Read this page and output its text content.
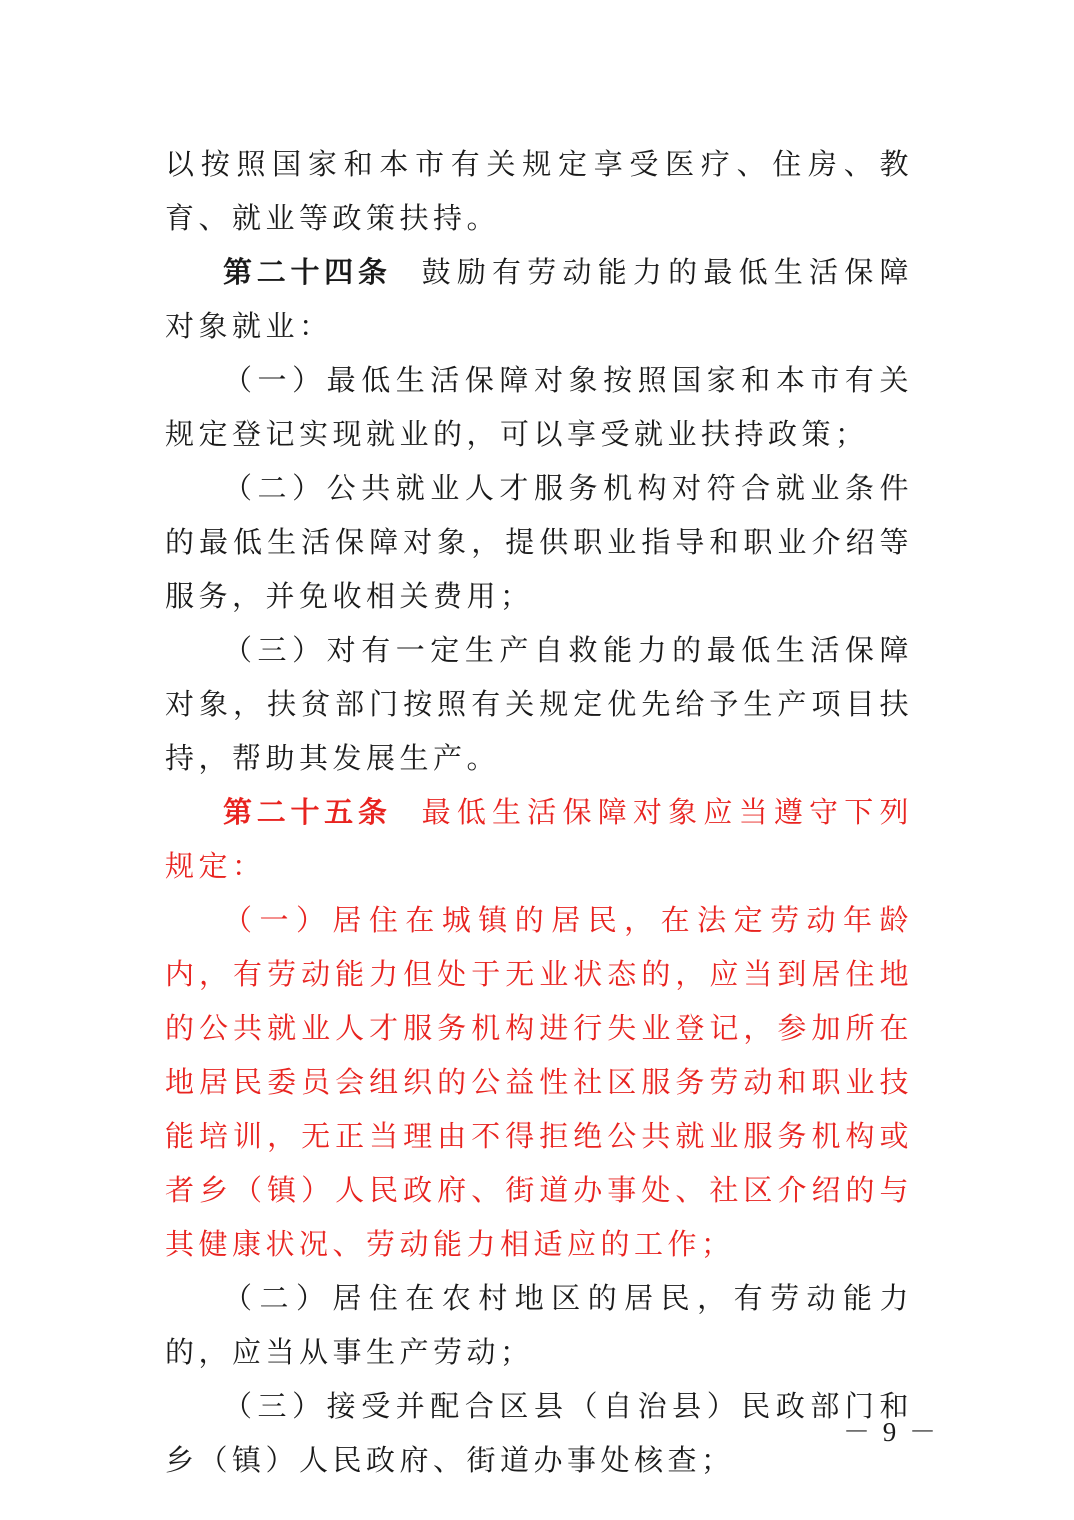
以按照国家和本市有关规定享受医疗、住房、教育、就业等政策扶持。

第二十四条 鼓励有劳动能力的最低生活保障对象就业：

（一）最低生活保障对象按照国家和本市有关规定登记实现就业的，可以享受就业扶持政策；

（二）公共就业人才服务机构对符合就业条件的最低生活保障对象，提供职业指导和职业介绍等服务，并免收相关费用；

（三）对有一定生产自救能力的最低生活保障对象，扶贫部门按照有关规定优先给予生产项目扶持，帮助其发展生产。

第二十五条 最低生活保障对象应当遵守下列规定：

（一）居住在城镇的居民，在法定劳动年龄内，有劳动能力但处于无业状态的，应当到居住地的公共就业人才服务机构进行失业登记，参加所在地居民委员会组织的公益性社区服务劳动和职业技能培训，无正当理由不得拒绝公共就业服务机构或者乡（镇）人民政府、街道办事处、社区介绍的与其健康状况、劳动能力相适应的工作；

（二）居住在农村地区的居民，有劳动能力的，应当从事生产劳动；

（三）接受并配合区县（自治县）民政部门和乡（镇）人民政府、街道办事处核查；

－ 9 －
